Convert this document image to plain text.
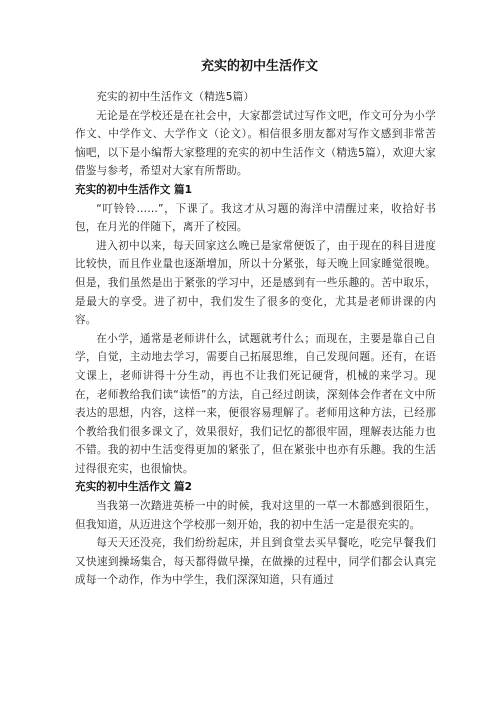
充实的初中生活作文

充实的初中生活作文（精选5篇）

无论是在学校还是在社会中，大家都尝试过写作文吧，作文可分为小学作文、中学作文、大学作文（论文）。相信很多朋友都对写作文感到非常苦恼吧，以下是小编帮大家整理的充实的初中生活作文（精选5篇），欢迎大家借鉴与参考，希望对大家有所帮助。

充实的初中生活作文 篇1

“叮铃铃……”，下课了。我这才从习题的海洋中清醒过来，收拾好书包，在月光的伴随下，离开了校园。

进入初中以来，每天回家这么晚已是家常便饭了，由于现在的科目进度比较快，而且作业量也逐渐增加，所以十分紧张，每天晚上回家睡觉很晚。但是，我们虽然是出于紧张的学习中，还是感到有一些乐趣的。苦中取乐，是最大的享受。进了初中，我们发生了很多的变化，尤其是老师讲课的内容。

在小学，通常是老师讲什么，试题就考什么；而现在，主要是靠自己自学，自觉，主动地去学习，需要自己拓展思维，自己发现问题。还有，在语文课上，老师讲得十分生动，再也不让我们死记硬背，机械的来学习。现在，老师教给我们读“读悟”的方法，自己经过朗读，深刻体会作者在文中所表达的思想，内容，这样一来，便很容易理解了。老师用这种方法，已经那个教给我们很多课文了，效果很好，我们记忆的都很牢固，理解表达能力也不错。我的初中生活变得更加的紧张了，但在紧张中也亦有乐趣。我的生活过得很充实，也很愉快。

充实的初中生活作文 篇2

当我第一次踏进英桥一中的时候，我对这里的一草一木都感到很陌生，但我知道，从迈进这个学校那一刻开始，我的初中生活一定是很充实的。

每天天还没亮，我们纷纷起床，并且到食堂去买早餐吃，吃完早餐我们又快速到操场集合，每天都得做早操，在做操的过程中，同学们都会认真完成每一个动作，作为中学生，我们深深知道，只有通过
